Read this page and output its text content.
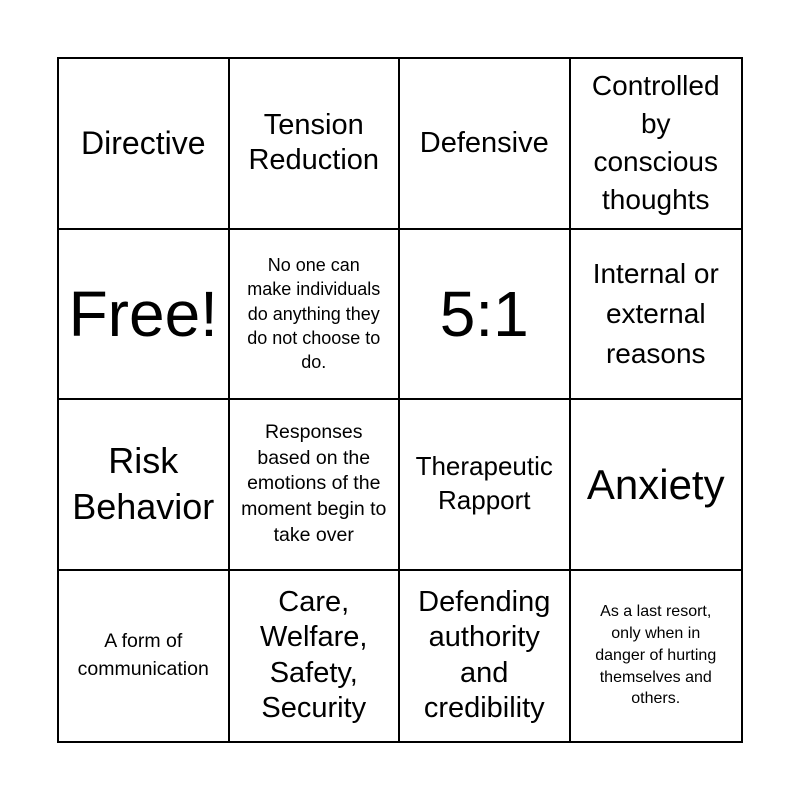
Directive
Tension Reduction
Defensive
Controlled by conscious thoughts
Free!
No one can make individuals do anything they do not choose to do.
5:1
Internal or external reasons
Risk Behavior
Responses based on the emotions of the moment begin to take over
Therapeutic Rapport	Anxiety
A form of communication
Care, Welfare, Safety, Security
Defending authority and credibility
As a last resort, only when in danger of hurting themselves and others.
